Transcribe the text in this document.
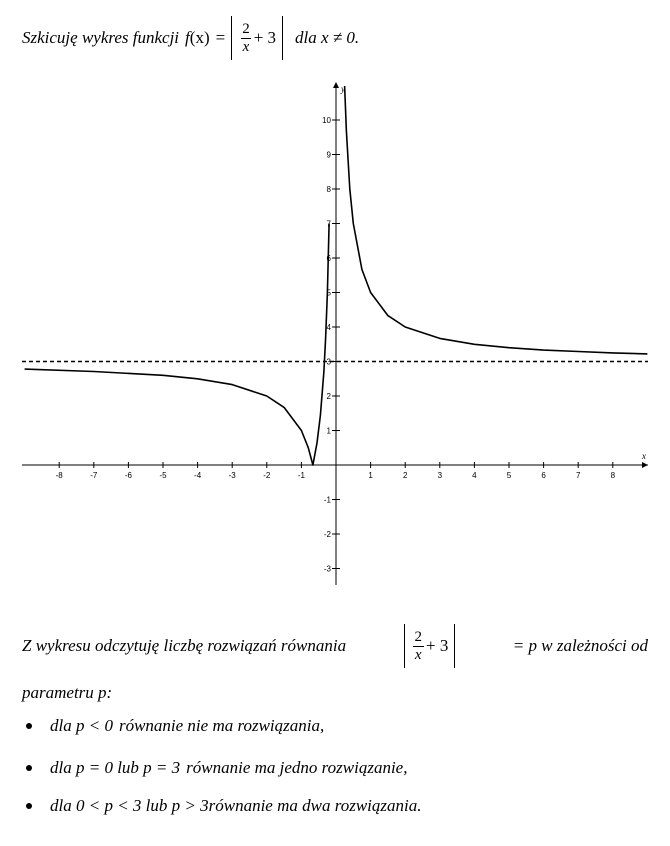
Szkicuję wykres funkcji f $(x) = \frac{2}{x} + 3$ dla x ≠ 0.
x
y
-8	-7	-6	-5	-4	-3	-2	-1	1	2	3	4	5	6	7	8
-3
-2
-1
1
2
3
4
5
6
7
8
9
10
Z wykresu odczytuję liczbę rozwiązań równania	$\frac{2}{x} + 3$	= p w zależności od
parametru p:
dla p < 0 równanie nie ma rozwiązania,
dla p = 0 lub p = 3 równanie ma jedno rozwiązanie,
dla 0 < p < 3 lub p > 3 równanie ma dwa rozwiązania.
